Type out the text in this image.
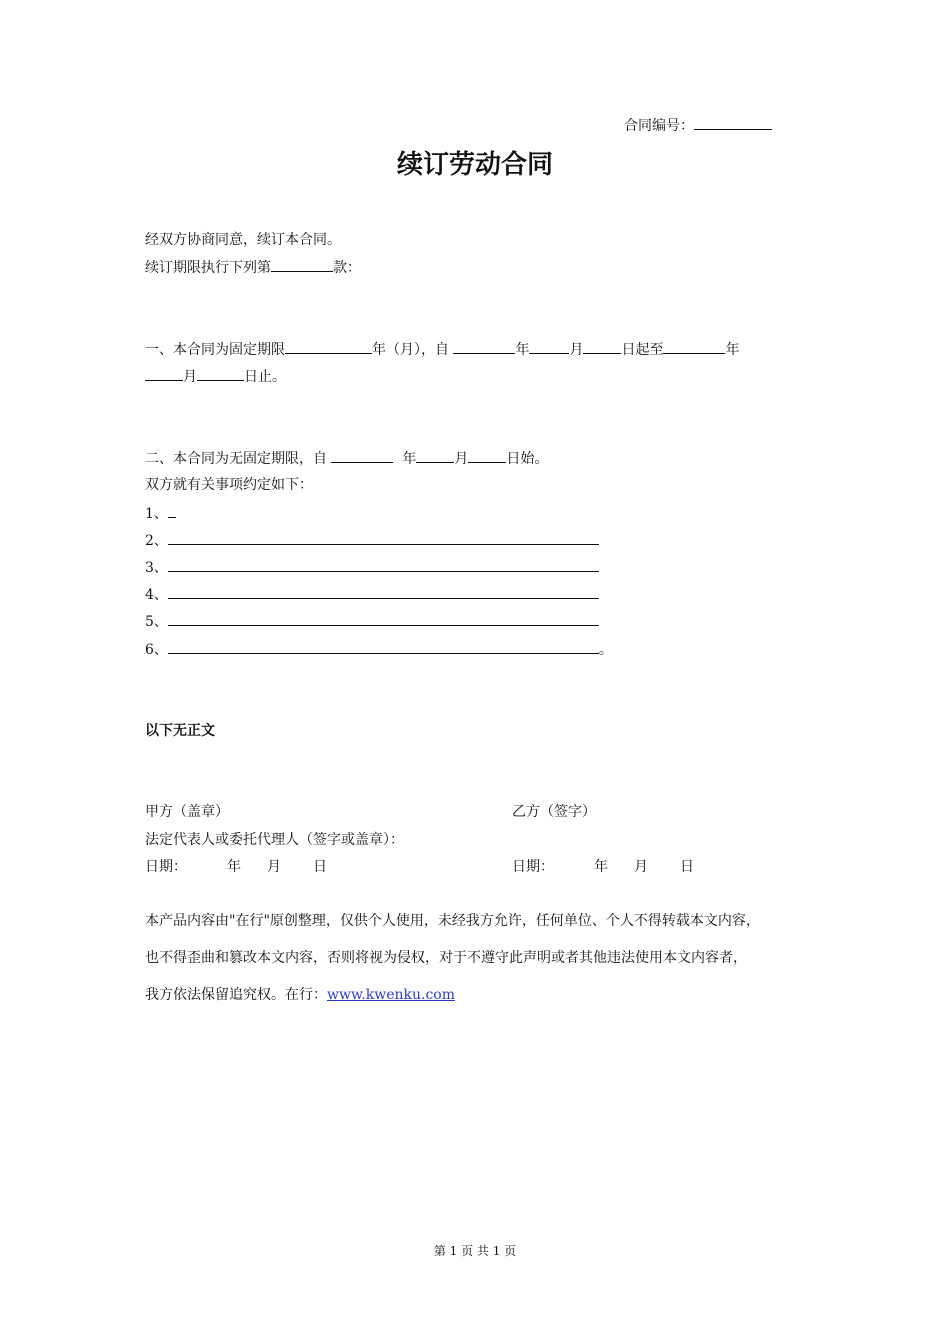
合同编号：
续订劳动合同
经双方协商同意，续订本合同。
续订期限执行下列第	款：
一、本合同为固定期限	年（月），自	年	月	日起至	年
月	日止。
二、本合同为无固定期限，自	年	月	日始。
双方就有关事项约定如下：
1、
2、
3、
4、
5、
6、	。
以下无正文
甲方（盖章）	乙方（签字）
法定代表人或委托代理人（签字或盖章）：
日期：	年 月 日	日期：	年 月 日
本产品内容由"在行"原创整理，仅供个人使用，未经我方允许，任何单位、个人不得转载本文内容，
也不得歪曲和篡改本文内容，否则将视为侵权，对于不遵守此声明或者其他违法使用本文内容者，
我方依法保留追究权。在行：www.kwenku.com
第 1 页 共 1 页
